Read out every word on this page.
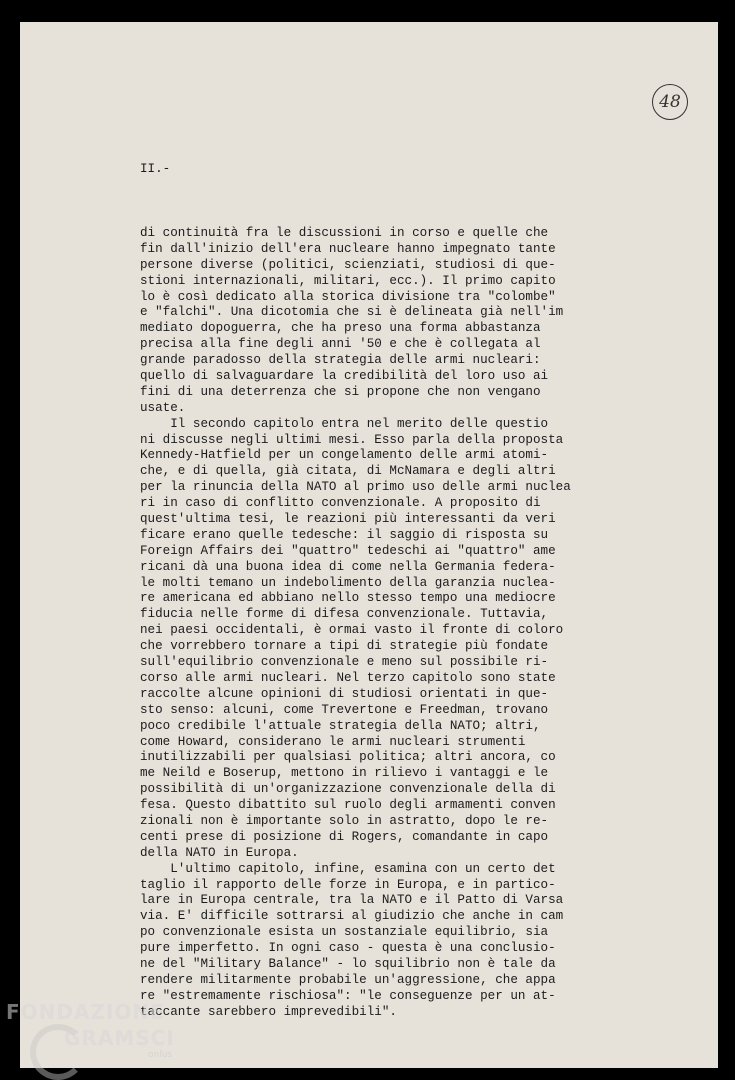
48
II.-
di continuità fra le discussioni in corso e quelle che
fin dall'inizio dell'era nucleare hanno impegnato tante
persone diverse (politici, scienziati, studiosi di que-
stioni internazionali, militari, ecc.). Il primo capito
lo è così dedicato alla storica divisione tra "colombe"
e "falchi". Una dicotomia che si è delineata già nell'im
mediato dopoguerra, che ha preso una forma abbastanza
precisa alla fine degli anni '50 e che è collegata al
grande paradosso della strategia delle armi nucleari:
quello di salvaguardare la credibilità del loro uso ai
fini di una deterrenza che si propone che non vengano
usate.
Il secondo capitolo entra nel merito delle questio
ni discusse negli ultimi mesi. Esso parla della proposta
Kennedy-Hatfield per un congelamento delle armi atomi-
che, e di quella, già citata, di McNamara e degli altri
per la rinuncia della NATO al primo uso delle armi nuclea
ri in caso di conflitto convenzionale. A proposito di
quest'ultima tesi, le reazioni più interessanti da veri
ficare erano quelle tedesche: il saggio di risposta su
Foreign Affairs dei "quattro" tedeschi ai "quattro" ame
ricani dà una buona idea di come nella Germania federa-
le molti temano un indebolimento della garanzia nuclea-
re americana ed abbiano nello stesso tempo una mediocre
fiducia nelle forme di difesa convenzionale. Tuttavia,
nei paesi occidentali, è ormai vasto il fronte di coloro
che vorrebbero tornare a tipi di strategie più fondate
sull'equilibrio convenzionale e meno sul possibile ri-
corso alle armi nucleari. Nel terzo capitolo sono state
raccolte alcune opinioni di studiosi orientati in que-
sto senso: alcuni, come Trevertone e Freedman, trovano
poco credibile l'attuale strategia della NATO; altri,
come Howard, considerano le armi nucleari strumenti
inutilizzabili per qualsiasi politica; altri ancora, co
me Neild e Boserup, mettono in rilievo i vantaggi e le
possibilità di un'organizzazione convenzionale della di
fesa. Questo dibattito sul ruolo degli armamenti conven
zionali non è importante solo in astratto, dopo le re-
centi prese di posizione di Rogers, comandante in capo
della NATO in Europa.
L'ultimo capitolo, infine, esamina con un certo det
taglio il rapporto delle forze in Europa, e in partico-
lare in Europa centrale, tra la NATO e il Patto di Varsa
via. E' difficile sottrarsi al giudizio che anche in cam
po convenzionale esista un sostanziale equilibrio, sia
pure imperfetto. In ogni caso - questa è una conclusio-
ne del "Military Balance" - lo squilibrio non è tale da
rendere militarmente probabile un'aggressione, che appa
re "estremamente rischiosa": "le conseguenze per un at-
taccante sarebbero imprevedibili".
FONDAZIONE
GRAMSCI
onlus
